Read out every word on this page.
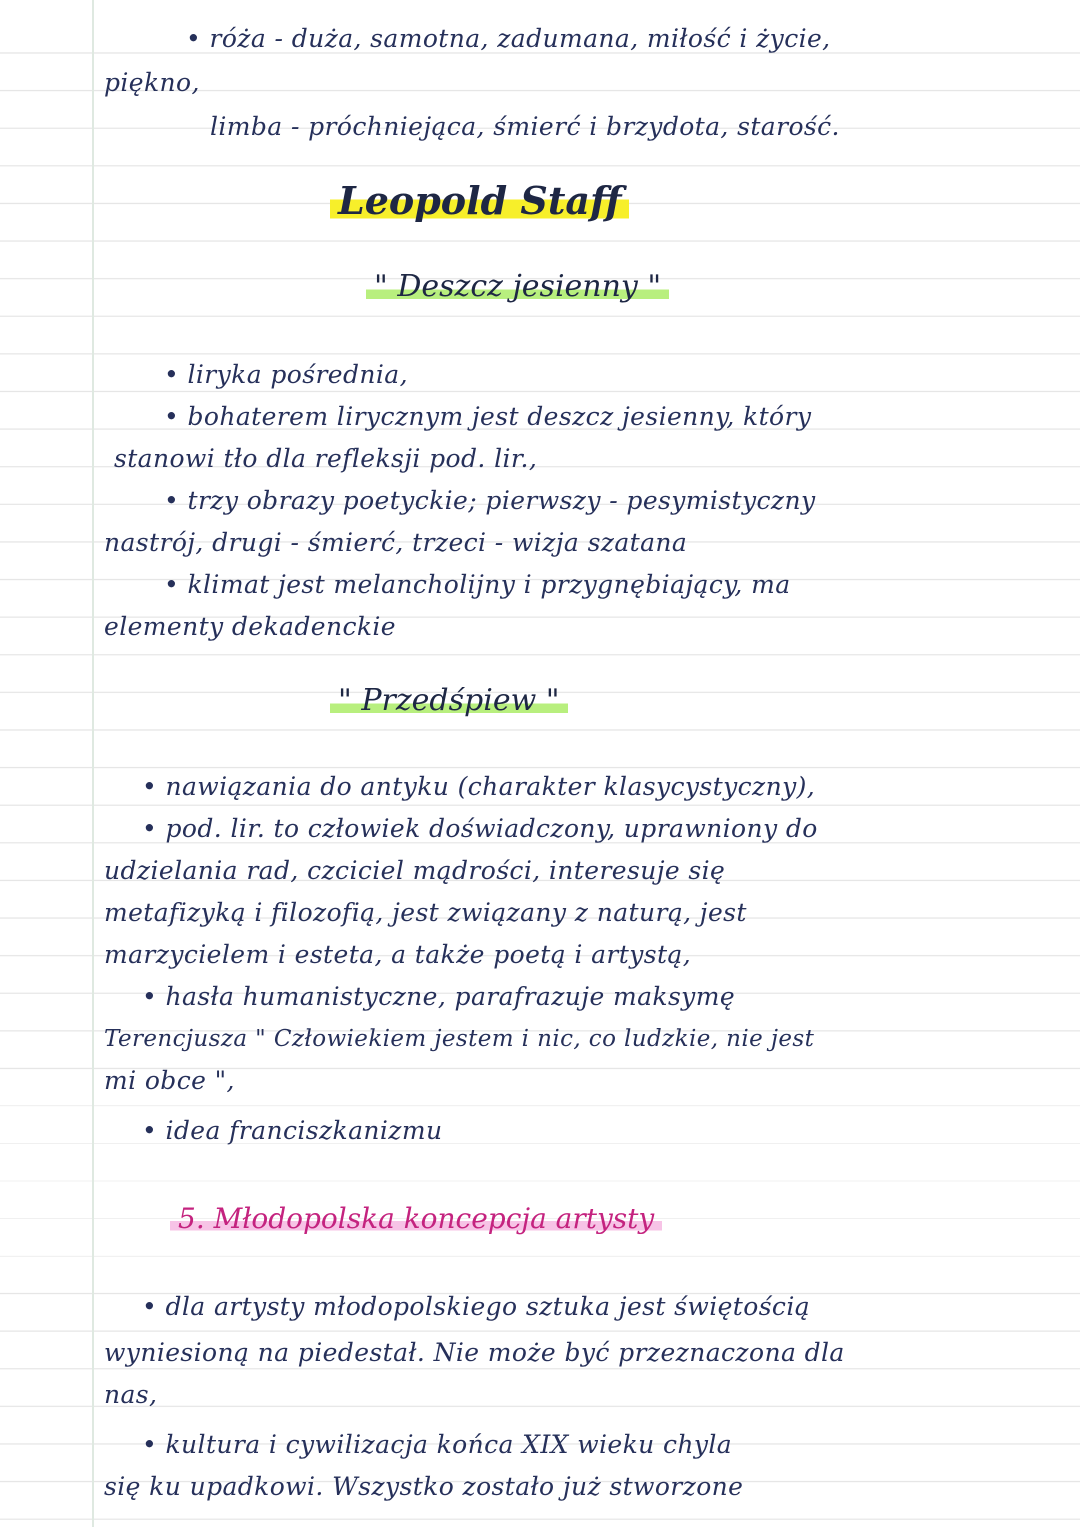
• róża - duża, samotna, zadumana, miłość i życie,
piękno,
limba - próchniejąca, śmierć i brzydota, starość.
Leopold Staff
" Deszcz jesienny "
• liryka pośrednia,
• bohaterem lirycznym jest deszcz jesienny, który
stanowi tło dla refleksji pod. lir.,
• trzy obrazy poetyckie; pierwszy - pesymistyczny
nastrój, drugi - śmierć, trzeci - wizja szatana
• klimat jest melancholijny i przygnębiający, ma
elementy dekadenckie
" Przedśpiew "
• nawiązania do antyku (charakter klasycystyczny),
• pod. lir. to człowiek doświadczony, uprawniony do
udzielania rad, czciciel mądrości, interesuje się
metafizyką i filozofią, jest związany z naturą, jest
marzycielem i esteta, a także poetą i artystą,
• hasła humanistyczne, parafrazuje maksymę
Terencjusza " Człowiekiem jestem i nic, co ludzkie, nie jest
mi obce ",
• idea franciszkanizmu
5. Młodopolska koncepcja artysty
• dla artysty młodopolskiego sztuka jest świętością
wyniesioną na piedestał. Nie może być przeznaczona dla
nas,
• kultura i cywilizacja końca XIX wieku chyla
się ku upadkowi. Wszystko zostało już stworzone
